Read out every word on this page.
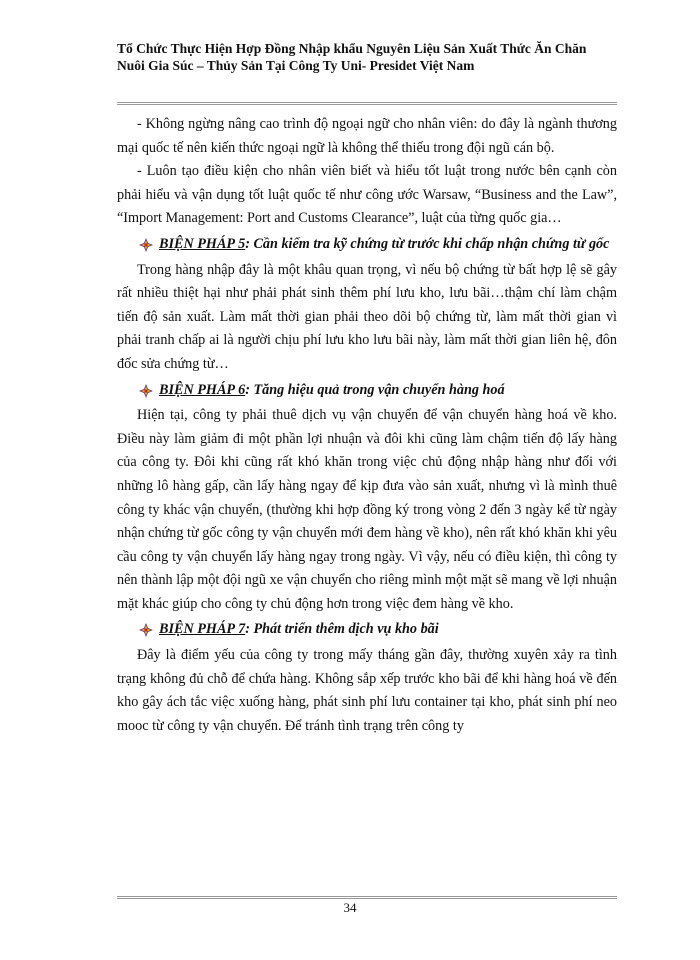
Tổ Chức Thực Hiện Hợp Đồng Nhập khẩu Nguyên Liệu Sản Xuất Thức Ăn Chăn Nuôi Gia Súc – Thủy Sản Tại Công Ty Uni- Presidet Việt Nam

- Không ngừng nâng cao trình độ ngoại ngữ cho nhân viên: do đây là ngành thương mại quốc tế nên kiến thức ngoại ngữ là không thể thiếu trong đội ngũ cán bộ.

- Luôn tạo điều kiện cho nhân viên biết và hiểu tốt luật trong nước bên cạnh còn phải hiểu và vận dụng tốt luật quốc tế như công ước Warsaw, “Business and the Law”, “Import Management: Port and Customs Clearance”, luật của từng quốc gia…

BIỆN PHÁP 5: Cần kiểm tra kỹ chứng từ trước khi chấp nhận chứng từ gốc

Trong hàng nhập đây là một khâu quan trọng, vì nếu bộ chứng từ bất hợp lệ sẽ gây rất nhiều thiệt hại như phải phát sinh thêm phí lưu kho, lưu bãi…thậm chí làm chậm tiến độ sản xuất. Làm mất thời gian phải theo dõi bộ chứng từ, làm mất thời gian vì phải tranh chấp ai là người chịu phí lưu kho lưu bãi này, làm mất thời gian liên hệ, đôn đốc sửa chứng từ…

BIỆN PHÁP 6: Tăng hiệu quả trong vận chuyển hàng hoá

Hiện tại, công ty phải thuê dịch vụ vận chuyển để vận chuyển hàng hoá về kho. Điều này làm giảm đi một phần lợi nhuận và đôi khi cũng làm chậm tiến độ lấy hàng của công ty. Đôi khi cũng rất khó khăn trong việc chủ động nhập hàng như đối với những lô hàng gấp, cần lấy hàng ngay để kịp đưa vào sản xuất, nhưng vì là mình thuê công ty khác vận chuyển, (thường khi hợp đồng ký trong vòng 2 đến 3 ngày kể từ ngày nhận chứng từ gốc công ty vận chuyển mới đem hàng về kho), nên rất khó khăn khi yêu cầu công ty vận chuyển lấy hàng ngay trong ngày. Vì vậy, nếu có điều kiện, thì công ty nên thành lập một đội ngũ xe vận chuyển cho riêng mình một mặt sẽ mang về lợi nhuận mặt khác giúp cho công ty chủ động hơn trong việc đem hàng về kho.

BIỆN PHÁP 7: Phát triển thêm dịch vụ kho bãi

Đây là điểm yếu của công ty trong mấy tháng gần đây, thường xuyên xảy ra tình trạng không đủ chỗ để chứa hàng. Không sắp xếp trước kho bãi để khi hàng hoá về đến kho gây ách tắc việc xuống hàng, phát sinh phí lưu container tại kho, phát sinh phí neo mooc từ công ty vận chuyển. Để tránh tình trạng trên công ty

34
